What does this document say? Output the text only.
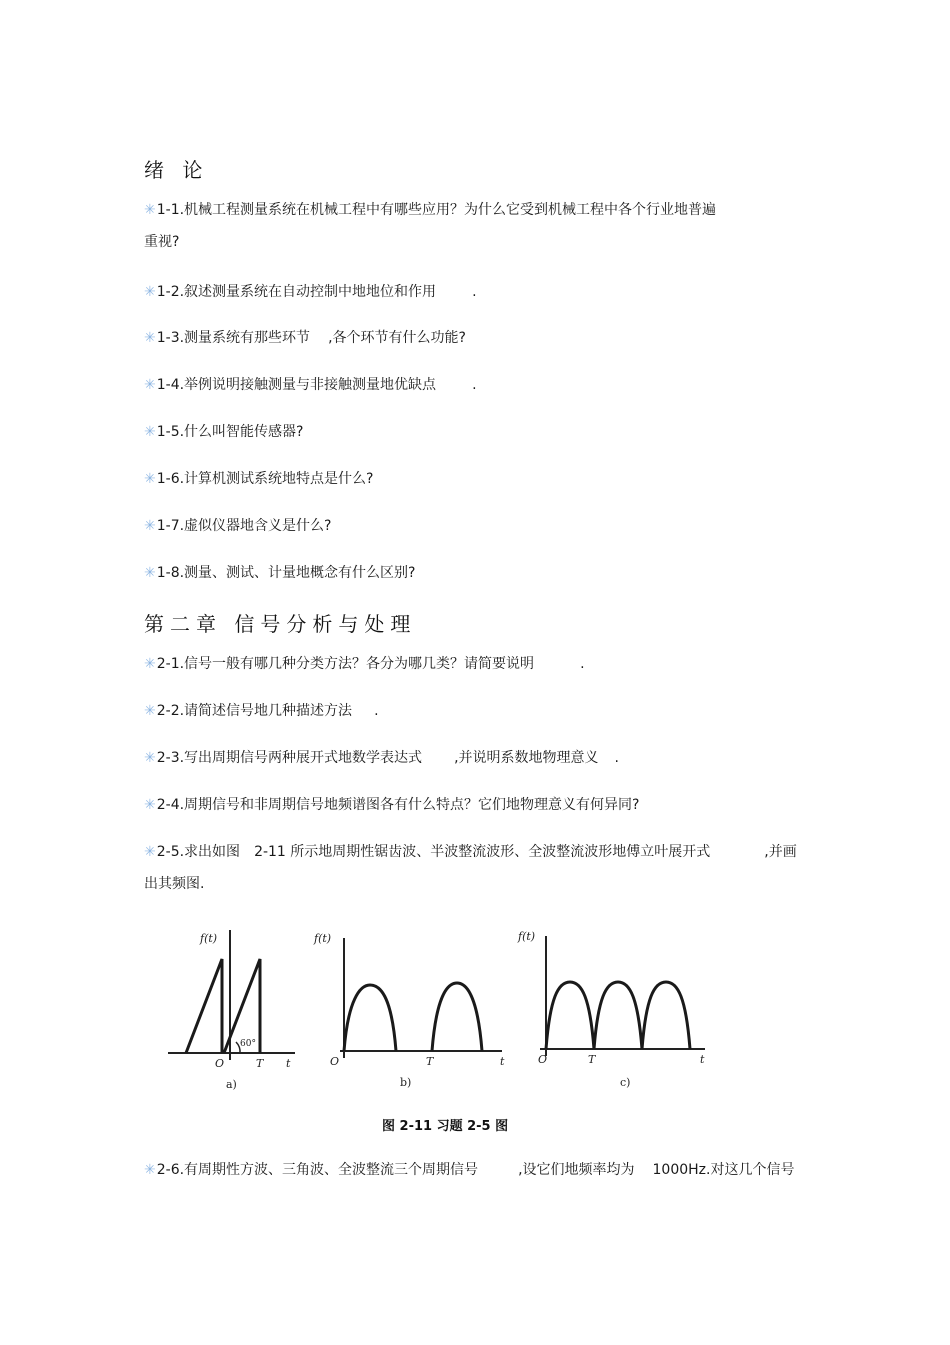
绪 论
✳1-1.机械工程测量系统在机械工程中有哪些应用？为什么它受到机械工程中各个行业地普遍
重视?
✳1-2.叙述测量系统在自动控制中地地位和作用	.
✳1-3.测量系统有那些环节 ,各个环节有什么功能?
✳1-4.举例说明接触测量与非接触测量地优缺点	.
✳1-5.什么叫智能传感器?
✳1-6.计算机测试系统地特点是什么?
✳1-7.虚似仪器地含义是什么?
✳1-8.测量、测试、计量地概念有什么区别?
第二章 信号分析与处理
✳2-1.信号一般有哪几种分类方法？各分为哪几类？请简要说明	.
✳2-2.请简述信号地几种描述方法 .
✳2-3.写出周期信号两种展开式地数学表达式 ,并说明系数地物理意义 .
✳2-4.周期信号和非周期信号地频谱图各有什么特点？它们地物理意义有何异同?
✳2-5.求出如图 2-11 所示地周期性锯齿波、半波整流波形、全波整流波形地傅立叶展开式	,并画
出其频图.
f(t)
60°
O	T t
a)
f(t)
O	T	t
b)
f(t)
O	T	t
c)
图 2-11 习题 2-5 图
✳2-6.有周期性方波、三角波、全波整流三个周期信号	,设它们地频率均为 1000Hz.对这几个信号
